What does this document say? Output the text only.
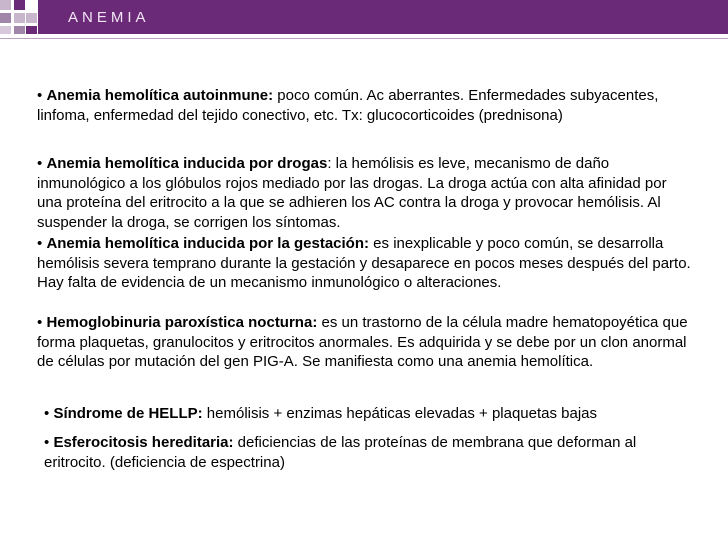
ANEMIA
• Anemia hemolítica autoinmune: poco común. Ac aberrantes. Enfermedades subyacentes, linfoma, enfermedad del tejido conectivo, etc. Tx: glucocorticoides (prednisona)
• Anemia hemolítica inducida por drogas: la hemólisis es leve, mecanismo de daño inmunológico a los glóbulos rojos mediado por las drogas. La droga actúa con alta afinidad por una proteína del eritrocito a la que se adhieren los AC contra la droga y provocar hemólisis. Al suspender la droga, se corrigen los síntomas.
• Anemia hemolítica inducida por la gestación: es inexplicable y poco común, se desarrolla hemólisis severa temprano durante la gestación y desaparece en pocos meses después del parto. Hay falta de evidencia de un mecanismo inmunológico o alteraciones.
• Hemoglobinuria paroxística nocturna: es un trastorno de la célula madre hematopoyética que forma plaquetas, granulocitos y eritrocitos anormales. Es adquirida y se debe por un clon anormal de células por mutación del gen PIG-A. Se manifiesta como una anemia hemolítica.
• Síndrome de HELLP: hemólisis + enzimas hepáticas elevadas + plaquetas bajas
• Esferocitosis hereditaria: deficiencias de las proteínas de membrana que deforman al eritrocito. (deficiencia de espectrina)
